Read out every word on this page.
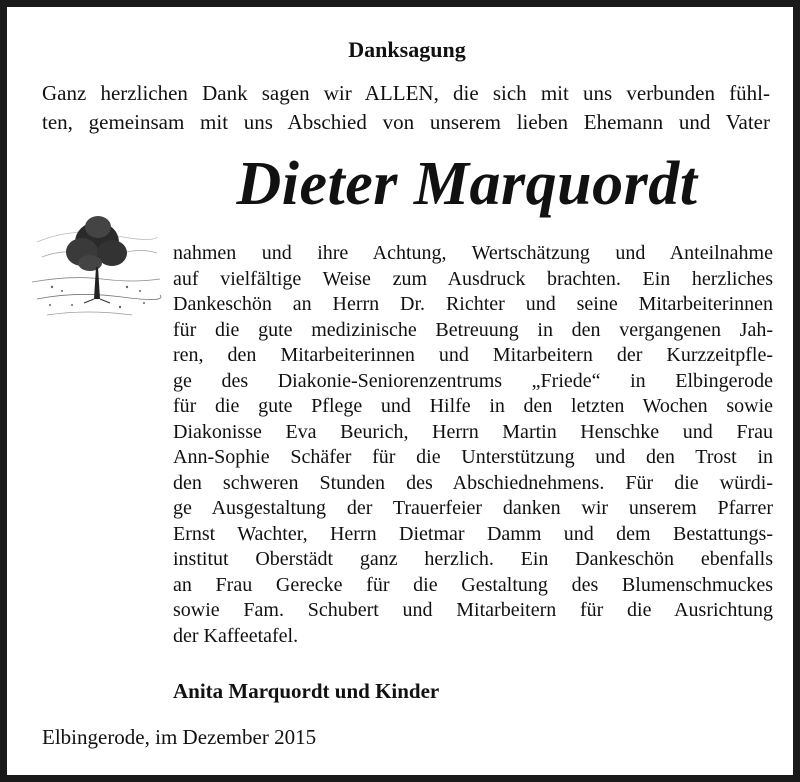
Danksagung
Ganz herzlichen Dank sagen wir ALLEN, die sich mit uns verbunden fühl-
ten, gemeinsam mit uns Abschied von unserem lieben Ehemann und Vater
Dieter Marquordt
nahmen und ihre Achtung, Wertschätzung und Anteilnahme
auf vielfältige Weise zum Ausdruck brachten. Ein herzliches
Dankeschön an Herrn Dr. Richter und seine Mitarbeiterinnen
für die gute medizinische Betreuung in den vergangenen Jah-
ren, den Mitarbeiterinnen und Mitarbeitern der Kurzzeitpfle-
ge des Diakonie-Seniorenzentrums „Friede“ in Elbingerode
für die gute Pflege und Hilfe in den letzten Wochen sowie
Diakonisse Eva Beurich, Herrn Martin Henschke und Frau
Ann-Sophie Schäfer für die Unterstützung und den Trost in
den schweren Stunden des Abschiednehmens. Für die würdi-
ge Ausgestaltung der Trauerfeier danken wir unserem Pfarrer
Ernst Wachter, Herrn Dietmar Damm und dem Bestattungs-
institut Oberstädt ganz herzlich. Ein Dankeschön ebenfalls
an Frau Gerecke für die Gestaltung des Blumenschmuckes
sowie Fam. Schubert und Mitarbeitern für die Ausrichtung
der Kaffeetafel.
Anita Marquordt und Kinder
Elbingerode, im Dezember 2015
